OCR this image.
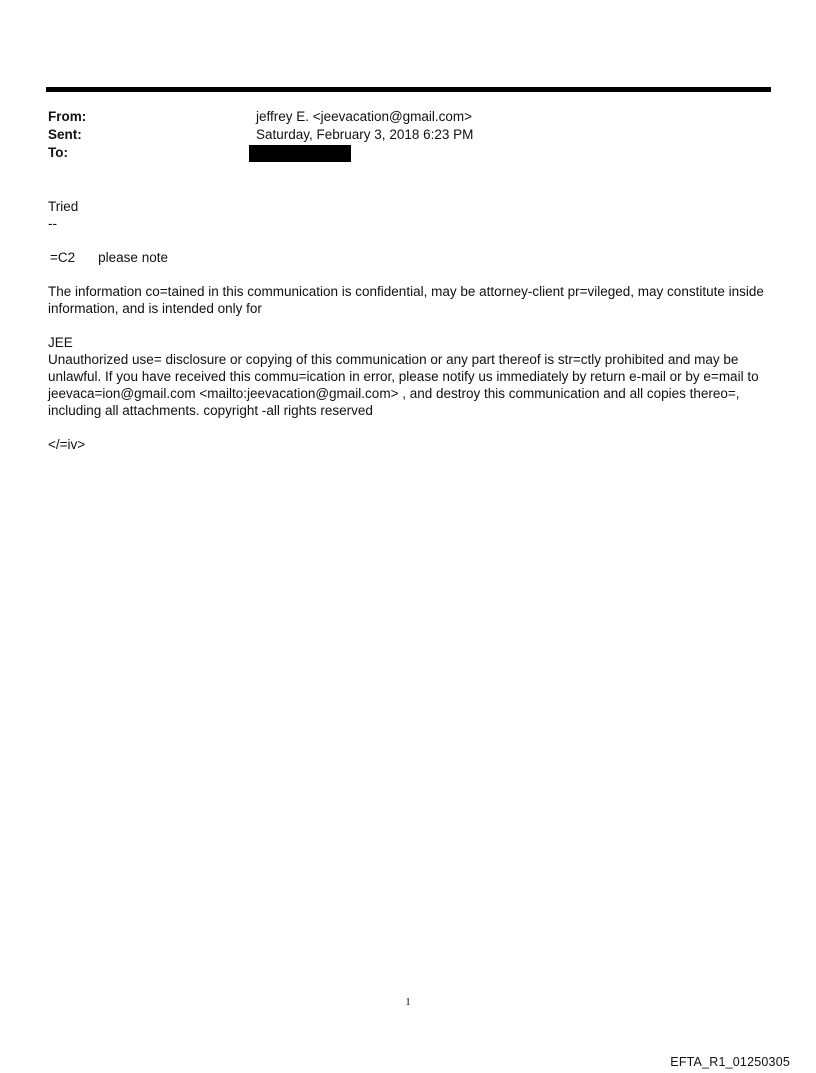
From:	jeffrey E. <jeevacation@gmail.com>
Sent:	Saturday, February 3, 2018 6:23 PM
To:

Tried

--

=C2 please note

The information co=tained in this communication is confidential, may be attorney-client pr=vileged, may constitute inside information, and is intended only for

JEE

Unauthorized use= disclosure or copying of this communication or any part thereof is str=ctly prohibited and may be unlawful. If you have received this commu=ication in error, please notify us immediately by return e-mail or by e=mail to jeevaca=ion@gmail.com <mailto:jeevacation@gmail.com> , and destroy this communication and all copies thereo=, including all attachments. copyright -all rights reserved

</=iv>

1
EFTA_R1_01250305
